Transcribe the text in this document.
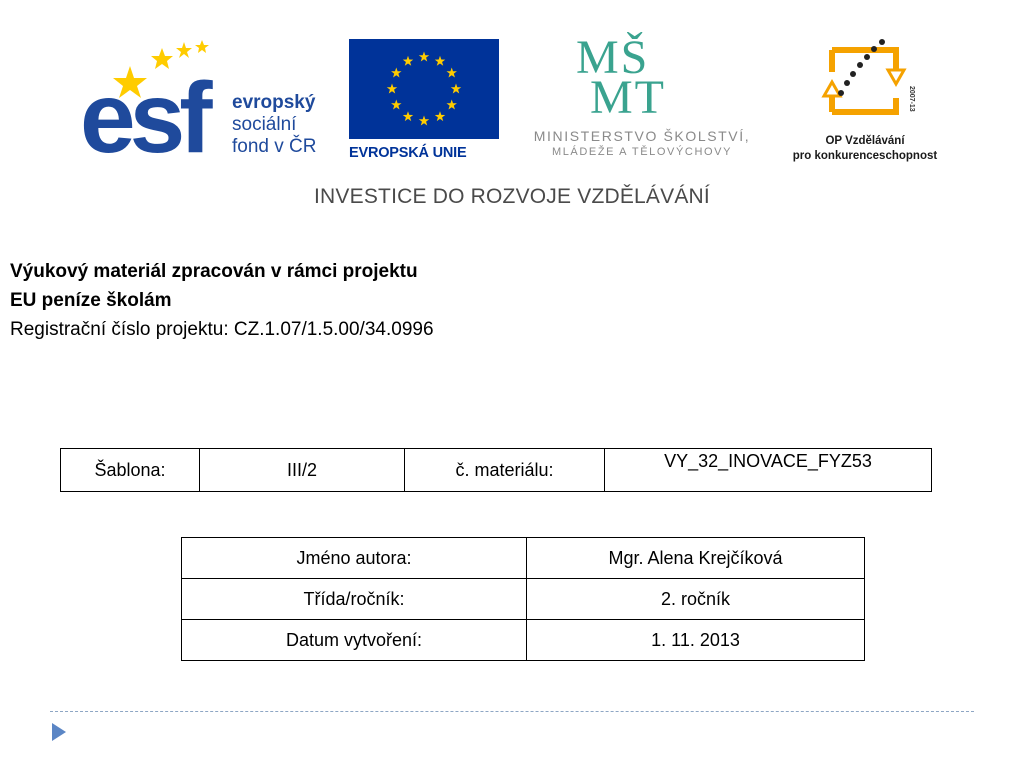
esf evropský
sociální
fond v ČR EVROPSKÁ UNIE
MŠ
MT
MINISTERSTVO ŠKOLSTVÍ,
MLÁDEŽE A TĚLOVÝCHOVY
2007-13
OP Vzdělávání
pro konkurenceschopnost
INVESTICE DO ROZVOJE VZDĚLÁVÁNÍ
Výukový materiál zpracován v rámci projektu
EU peníze školám
Registrační číslo projektu: CZ.1.07/1.5.00/34.0996
Šablona:	III/2	č. materiálu:	VY_32_INOVACE_FYZ53
Jméno autora:	Mgr. Alena Krejčíková
Třída/ročník:	2. ročník
Datum vytvoření:	1. 11. 2013
